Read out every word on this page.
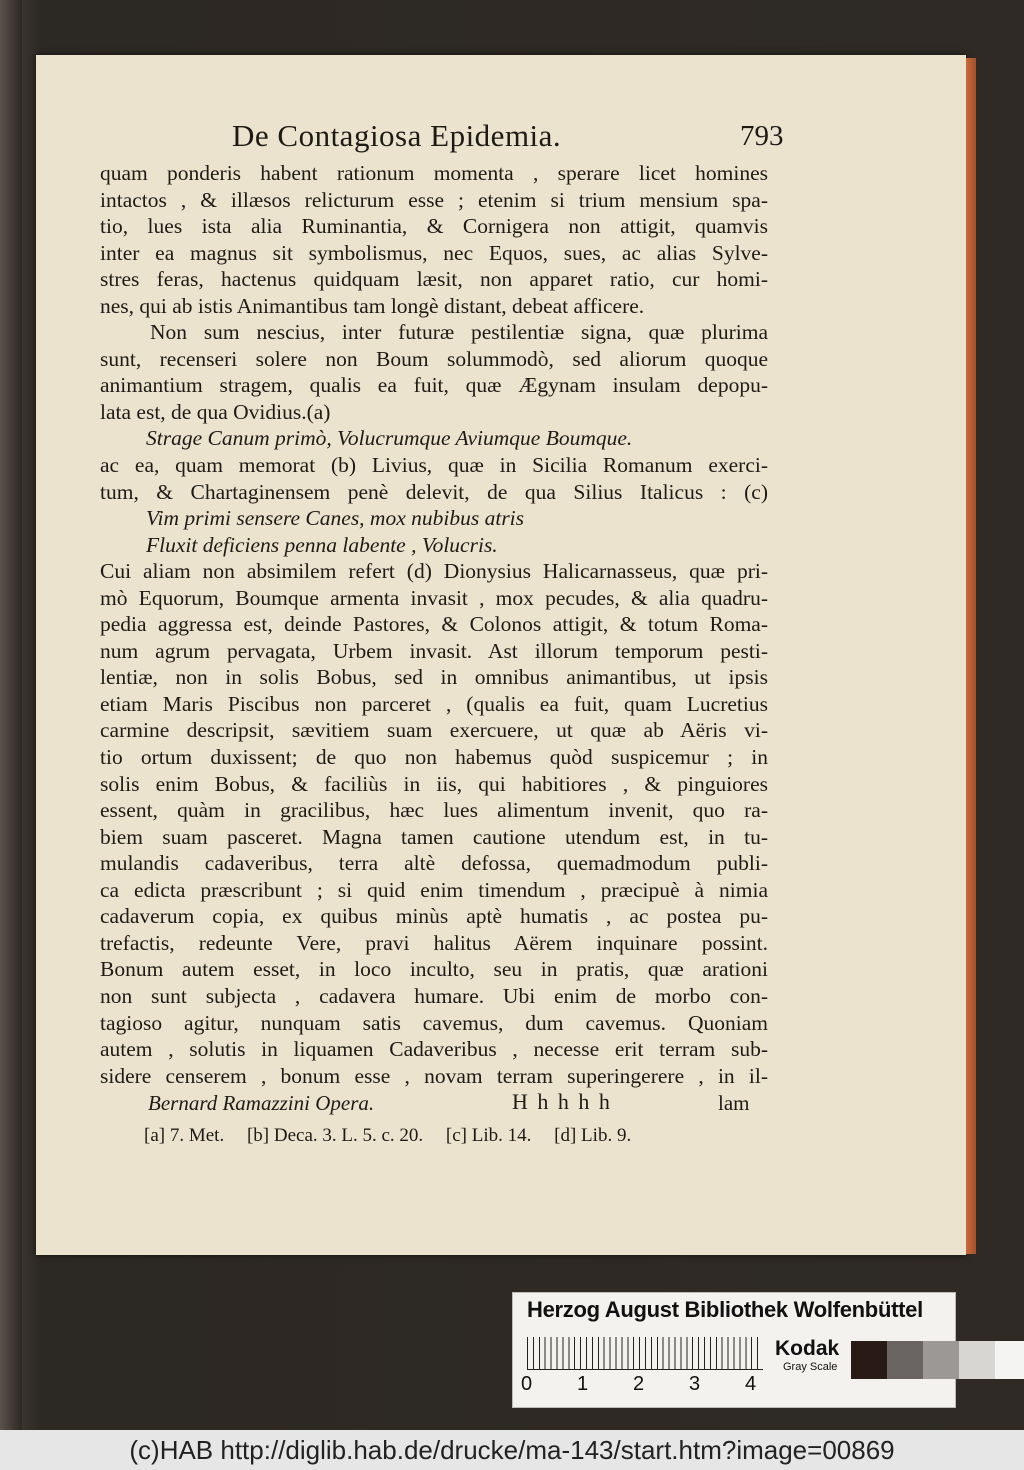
De Contagiosa Epidemia.	793
quam ponderis habent rationum momenta , sperare licet homines
intactos , & illæsos relicturum esse ; etenim si trium mensium spa-
tio, lues ista alia Ruminantia, & Cornigera non attigit, quamvis
inter ea magnus sit symbolismus, nec Equos, sues, ac alias Sylve-
stres feras, hactenus quidquam læsit, non apparet ratio, cur homi-
nes, qui ab istis Animantibus tam longè distant, debeat afficere.
Non sum nescius, inter futuræ pestilentiæ signa, quæ plurima
sunt, recenseri solere non Boum solummodò, sed aliorum quoque
animantium stragem, qualis ea fuit, quæ Ægynam insulam depopu-
lata est, de qua Ovidius.(a)
Strage Canum primò, Volucrumque Aviumque Boumque.
ac ea, quam memorat (b) Livius, quæ in Sicilia Romanum exerci-
tum, & Chartaginensem penè delevit, de qua Silius Italicus : (c)
Vim primi sensere Canes, mox nubibus atris
Fluxit deficiens penna labente , Volucris.
Cui aliam non absimilem refert (d) Dionysius Halicarnasseus, quæ pri-
mò Equorum, Boumque armenta invasit , mox pecudes, & alia quadru-
pedia aggressa est, deinde Pastores, & Colonos attigit, & totum Roma-
num agrum pervagata, Urbem invasit. Ast illorum temporum pesti-
lentiæ, non in solis Bobus, sed in omnibus animantibus, ut ipsis
etiam Maris Piscibus non parceret , (qualis ea fuit, quam Lucretius
carmine descripsit, sævitiem suam exercuere, ut quæ ab Aëris vi-
tio ortum duxissent; de quo non habemus quòd suspicemur ; in
solis enim Bobus, & faciliùs in iis, qui habitiores , & pinguiores
essent, quàm in gracilibus, hæc lues alimentum invenit, quo ra-
biem suam pasceret. Magna tamen cautione utendum est, in tu-
mulandis cadaveribus, terra altè defossa, quemadmodum publi-
ca edicta præscribunt ; si quid enim timendum , præcipuè à nimia
cadaverum copia, ex quibus minùs aptè humatis , ac postea pu-
trefactis, redeunte Vere, pravi halitus Aërem inquinare possint.
Bonum autem esset, in loco inculto, seu in pratis, quæ arationi
non sunt subjecta , cadavera humare. Ubi enim de morbo con-
tagioso agitur, nunquam satis cavemus, dum cavemus. Quoniam
autem , solutis in liquamen Cadaveribus , necesse erit terram sub-
sidere censerem , bonum esse , novam terram superingerere , in il-
Bernard Ramazzini Opera.	H h h h h	lam
[a] 7. Met. [b] Deca. 3. L. 5. c. 20. [c] Lib. 14. [d] Lib. 9.
Herzog August Bibliothek Wolfenbüttel
0 1 2 3 4
Kodak
Gray Scale
(c)HAB http://diglib.hab.de/drucke/ma-143/start.htm?image=00869
